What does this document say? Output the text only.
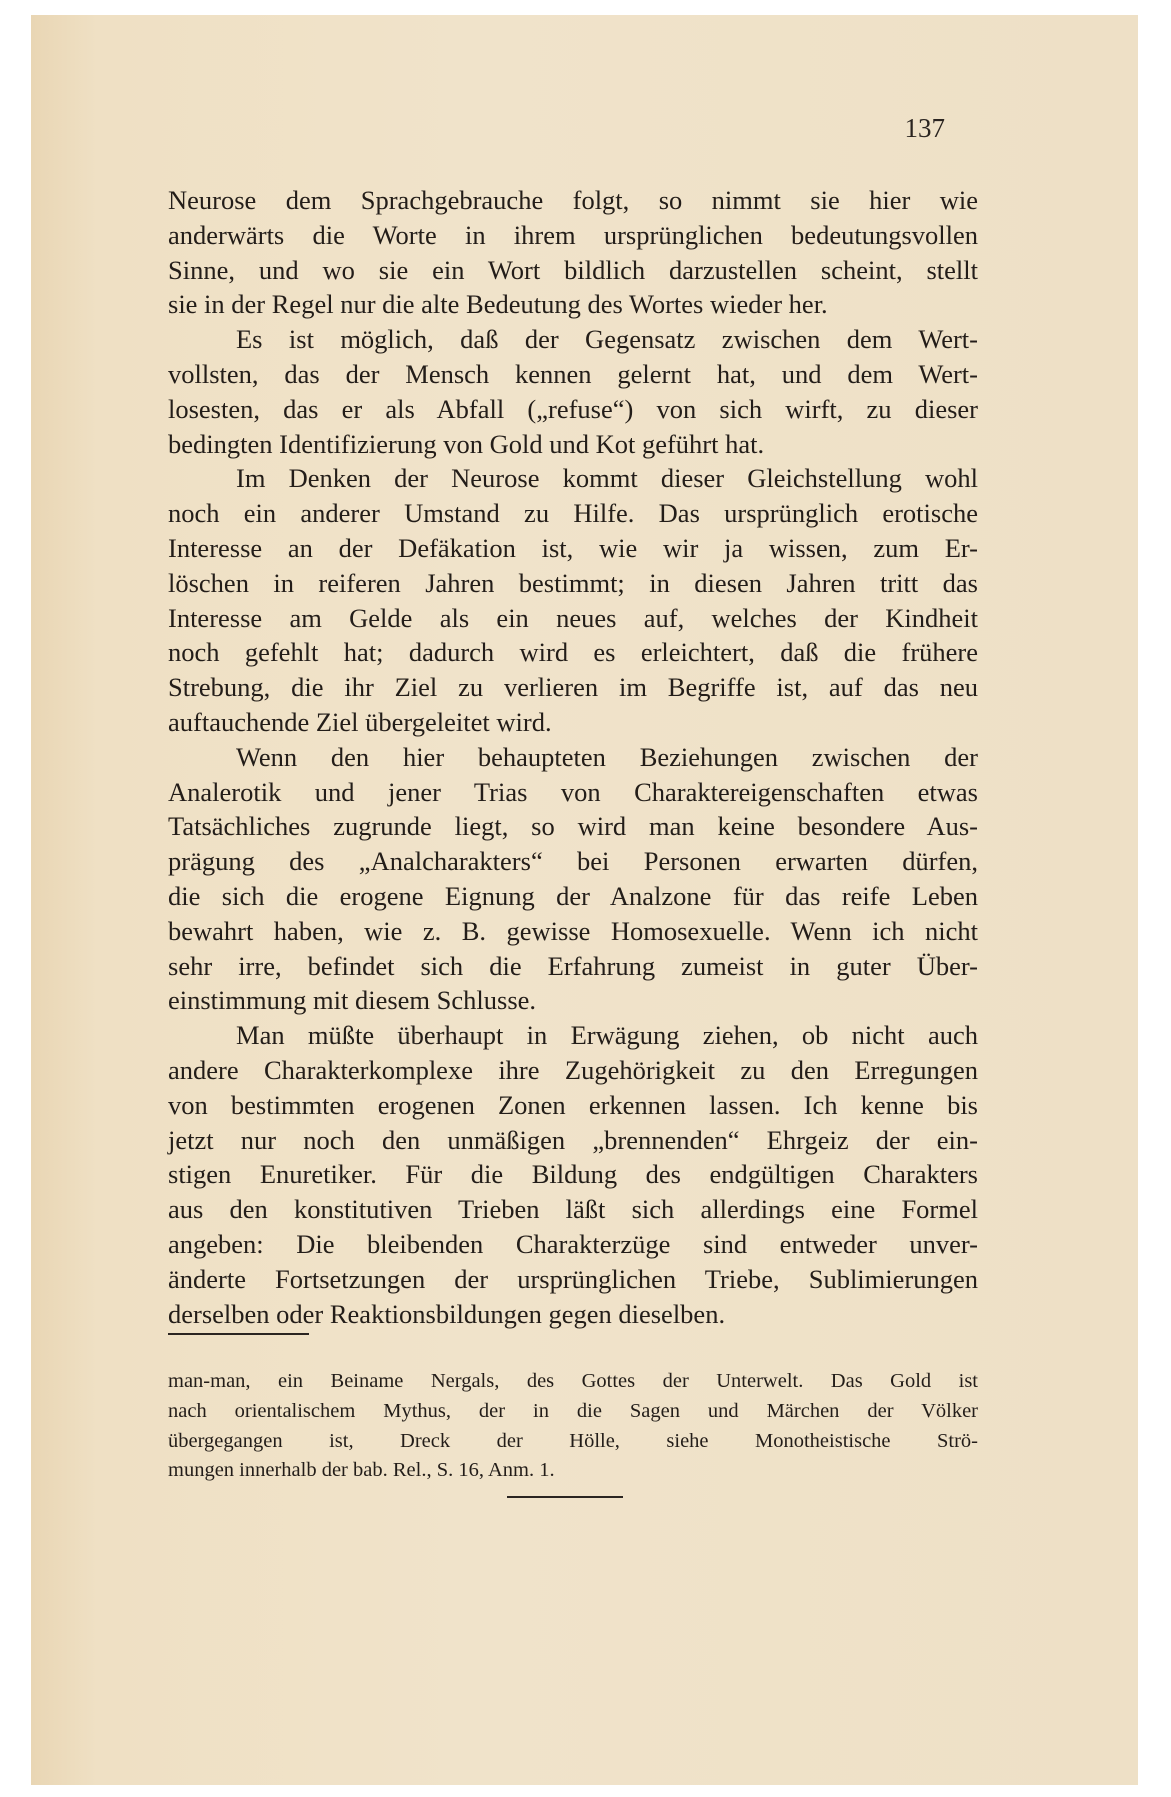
137
Neurose dem Sprachgebrauche folgt, so nimmt sie hier wie
anderwärts die Worte in ihrem ursprünglichen bedeutungsvollen
Sinne, und wo sie ein Wort bildlich darzustellen scheint, stellt
sie in der Regel nur die alte Bedeutung des Wortes wieder her.
Es ist möglich, daß der Gegensatz zwischen dem Wert-
vollsten, das der Mensch kennen gelernt hat, und dem Wert-
losesten, das er als Abfall („refuse“) von sich wirft, zu dieser
bedingten Identifizierung von Gold und Kot geführt hat.
Im Denken der Neurose kommt dieser Gleichstellung wohl
noch ein anderer Umstand zu Hilfe. Das ursprünglich erotische
Interesse an der Defäkation ist, wie wir ja wissen, zum Er-
löschen in reiferen Jahren bestimmt; in diesen Jahren tritt das
Interesse am Gelde als ein neues auf, welches der Kindheit
noch gefehlt hat; dadurch wird es erleichtert, daß die frühere
Strebung, die ihr Ziel zu verlieren im Begriffe ist, auf das neu
auftauchende Ziel übergeleitet wird.
Wenn den hier behaupteten Beziehungen zwischen der
Analerotik und jener Trias von Charaktereigenschaften etwas
Tatsächliches zugrunde liegt, so wird man keine besondere Aus-
prägung des „Analcharakters“ bei Personen erwarten dürfen,
die sich die erogene Eignung der Analzone für das reife Leben
bewahrt haben, wie z. B. gewisse Homosexuelle. Wenn ich nicht
sehr irre, befindet sich die Erfahrung zumeist in guter Über-
einstimmung mit diesem Schlusse.
Man müßte überhaupt in Erwägung ziehen, ob nicht auch
andere Charakterkomplexe ihre Zugehörigkeit zu den Erregungen
von bestimmten erogenen Zonen erkennen lassen. Ich kenne bis
jetzt nur noch den unmäßigen „brennenden“ Ehrgeiz der ein-
stigen Enuretiker. Für die Bildung des endgültigen Charakters
aus den konstitutiven Trieben läßt sich allerdings eine Formel
angeben: Die bleibenden Charakterzüge sind entweder unver-
änderte Fortsetzungen der ursprünglichen Triebe, Sublimierungen
derselben oder Reaktionsbildungen gegen dieselben.
man-man, ein Beiname Nergals, des Gottes der Unterwelt. Das Gold ist
nach orientalischem Mythus, der in die Sagen und Märchen der Völker
übergegangen ist, Dreck der Hölle, siehe Monotheistische Strö-
mungen innerhalb der bab. Rel., S. 16, Anm. 1.
